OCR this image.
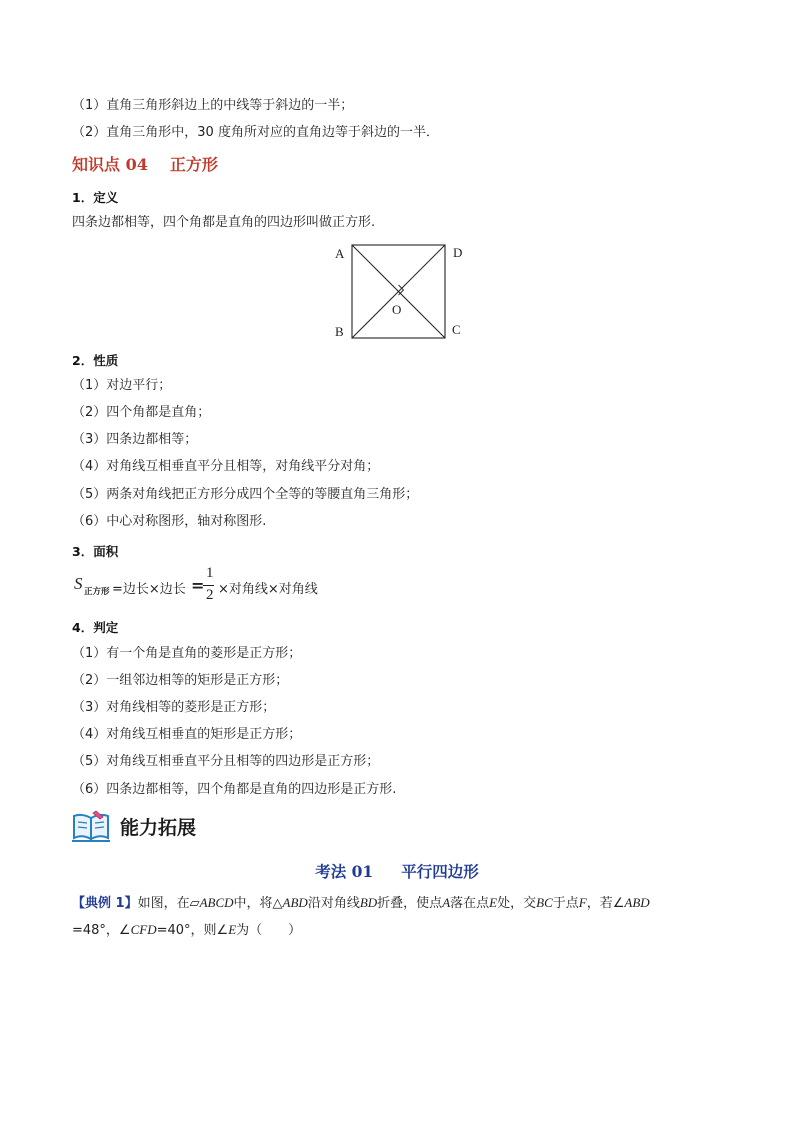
（1）直角三角形斜边上的中线等于斜边的一半；
（2）直角三角形中，30 度角所对应的直角边等于斜边的一半．
知识点 04 正方形
1．定义
四条边都相等，四个角都是直角的四边形叫做正方形.
A	D
B	C
O
2．性质
（1）对边平行；
（2）四个角都是直角；
（3）四条边都相等；
（4）对角线互相垂直平分且相等，对角线平分对角；
（5）两条对角线把正方形分成四个全等的等腰直角三角形；
（6）中心对称图形，轴对称图形.
3．面积
S 正方形 =边长×边长 =
1
2 ×对角线×对角线
4．判定
（1）有一个角是直角的菱形是正方形；
（2）一组邻边相等的矩形是正方形；
（3）对角线相等的菱形是正方形；
（4）对角线互相垂直的矩形是正方形；
（5）对角线互相垂直平分且相等的四边形是正方形；
（6）四条边都相等，四个角都是直角的四边形是正方形.
能力拓展
考法 01 平行四边形
【典例 1】如图，在▱ABCD中，将△ABD沿对角线BD折叠，使点A落在点E处，交BC于点F，若∠ABD
=48°，∠CFD=40°，则∠E为（　　）
